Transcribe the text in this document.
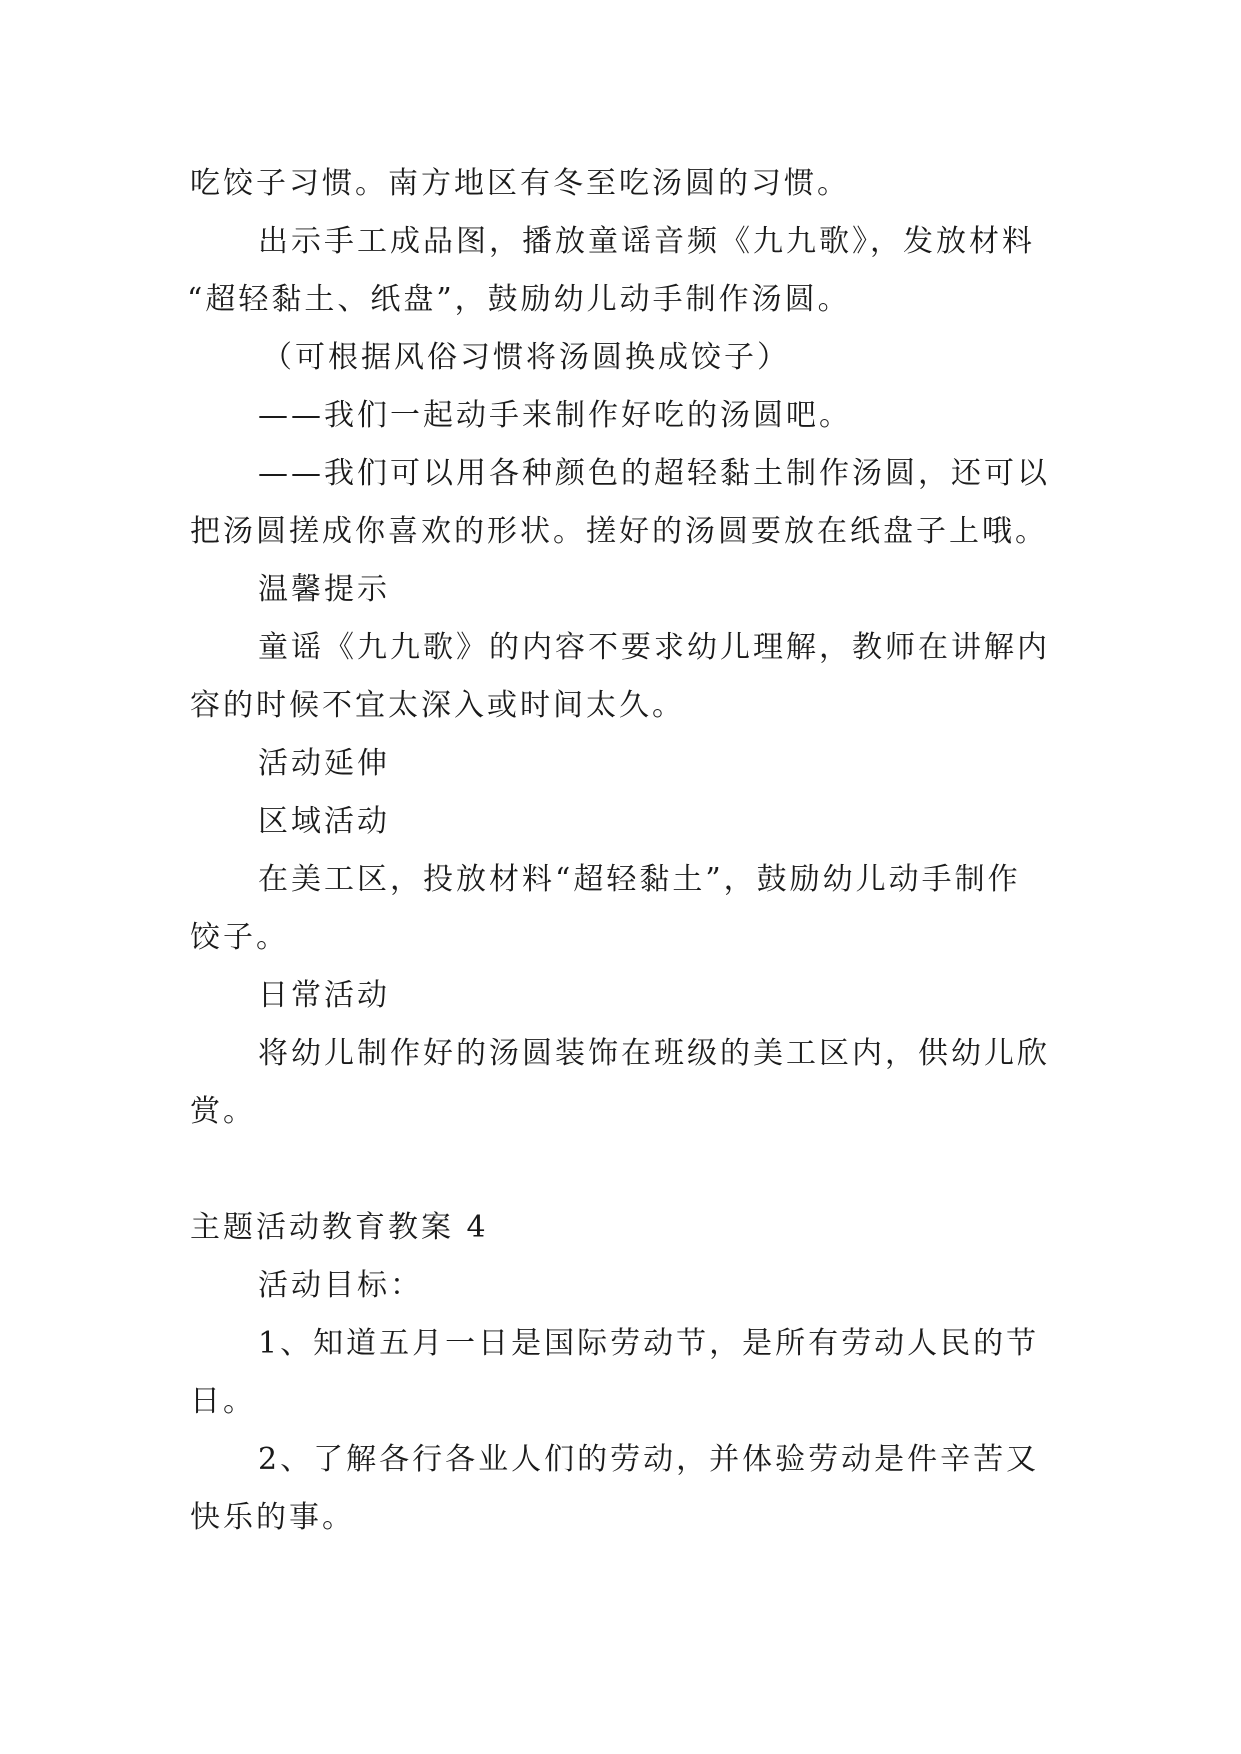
吃饺子习惯。南方地区有冬至吃汤圆的习惯。
出示手工成品图，播放童谣音频《九九歌》，发放材料
“超轻黏土、纸盘”，鼓励幼儿动手制作汤圆。
（可根据风俗习惯将汤圆换成饺子）
——我们一起动手来制作好吃的汤圆吧。
——我们可以用各种颜色的超轻黏土制作汤圆，还可以
把汤圆搓成你喜欢的形状。搓好的汤圆要放在纸盘子上哦。
温馨提示
童谣《九九歌》的内容不要求幼儿理解，教师在讲解内
容的时候不宜太深入或时间太久。
活动延伸
区域活动
在美工区，投放材料“超轻黏土”，鼓励幼儿动手制作
饺子。
日常活动
将幼儿制作好的汤圆装饰在班级的美工区内，供幼儿欣
赏。
主题活动教育教案 4
活动目标：
1、知道五月一日是国际劳动节，是所有劳动人民的节
日。
2、了解各行各业人们的劳动，并体验劳动是件辛苦又
快乐的事。
